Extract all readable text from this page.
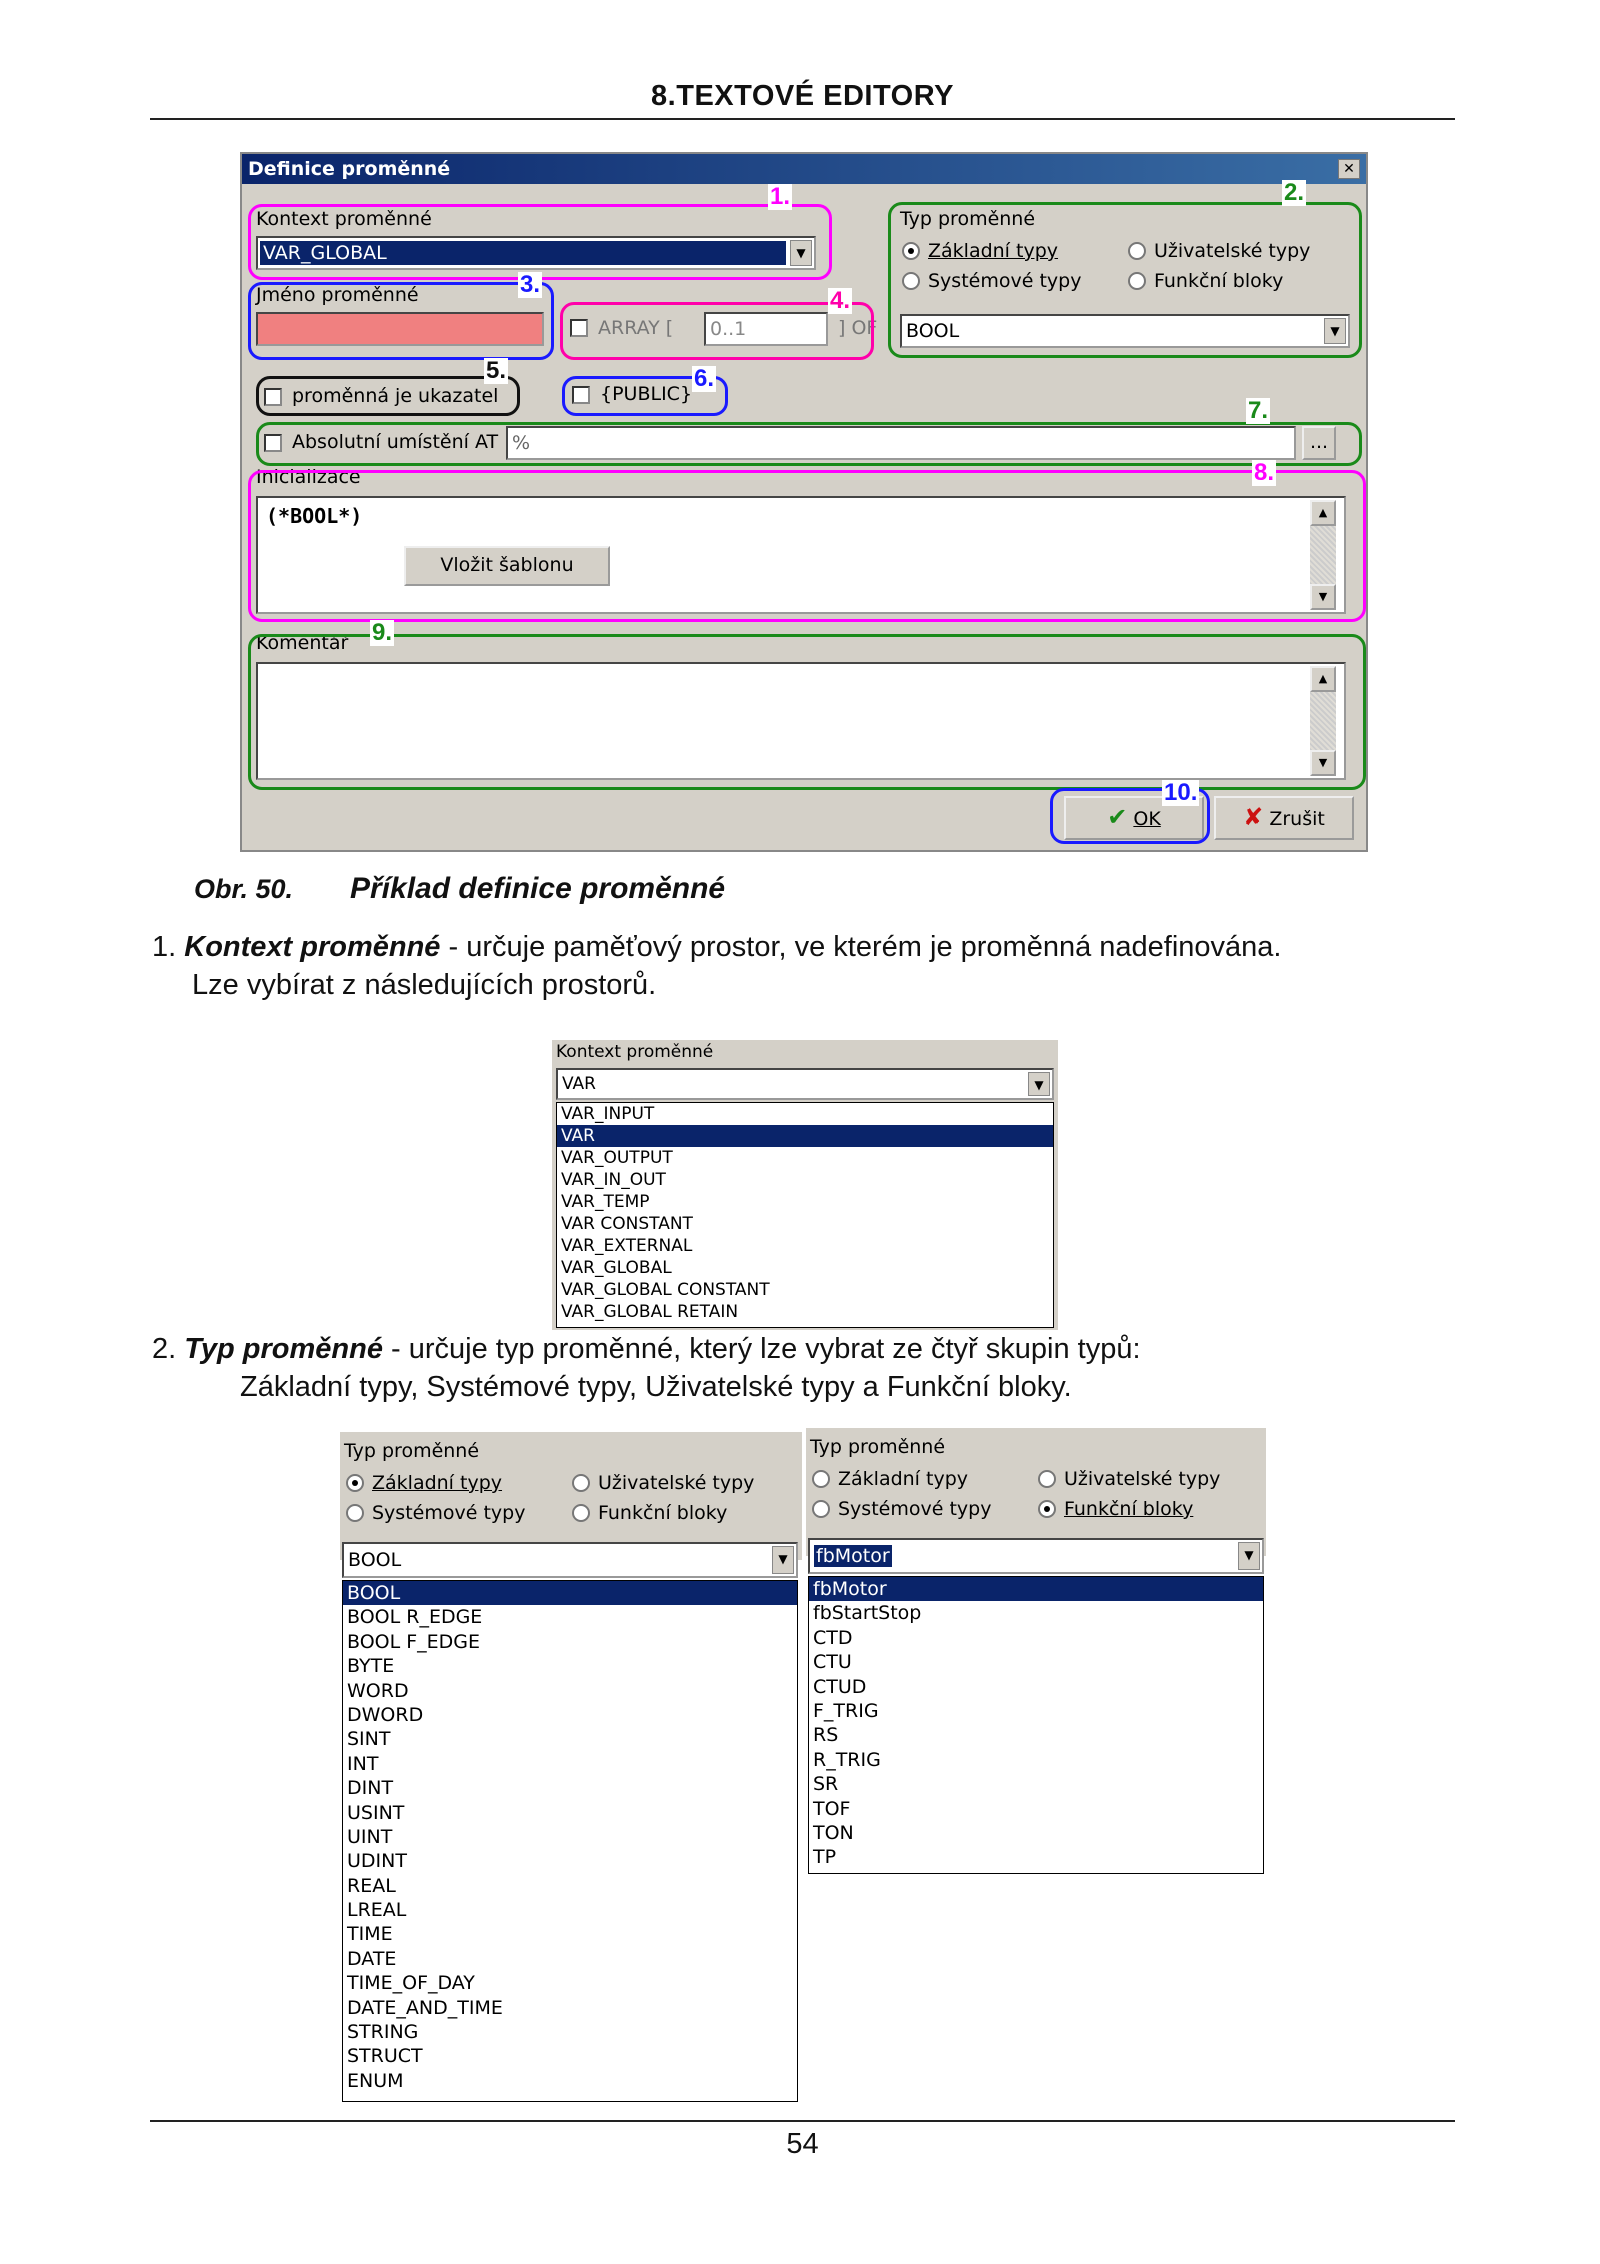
8.TEXTOVÉ EDITORY
Definice proměnné	✕
Kontext proměnné
VAR_GLOBAL	▼
Typ proměnné
Základní typy	Uživatelské typy
Systémové typy	Funkční bloky
BOOL	▼
Jméno proměnné
ARRAY [ 0..1	] OF
proměnná je ukazatel	{PUBLIC}
Absolutní umístění AT %	...
Inicializace
(*BOOL*)
Vložit šablonu
▲
▼
Komentář
▲
▼
✔ OK	✘ Zrušit
1.	2.
3.
4.
5.	6.
7.
8.
9.
10.
Obr. 50. Příklad definice proměnné
1. Kontext proměnné - určuje paměťový prostor, ve kterém je proměnná nadefinována.
Lze vybírat z následujících prostorů.
Kontext proměnné
VAR	▼
VAR_INPUT
VAR
VAR_OUTPUT
VAR_IN_OUT
VAR_TEMP
VAR CONSTANT
VAR_EXTERNAL
VAR_GLOBAL
VAR_GLOBAL CONSTANT
VAR_GLOBAL RETAIN
2. Typ proměnné - určuje typ proměnné, který lze vybrat ze čtyř skupin typů:
Základní typy, Systémové typy, Uživatelské typy a Funkční bloky.
Typ proměnné
Základní typy	Uživatelské typy
Systémové typy	Funkční bloky
BOOL	▼
BOOL
BOOL R_EDGE
BOOL F_EDGE
BYTE
WORD
DWORD
SINT
INT
DINT
USINT
UINT
UDINT
REAL
LREAL
TIME
DATE
TIME_OF_DAY
DATE_AND_TIME
STRING
STRUCT
ENUM
Typ proměnné
Základní typy	Uživatelské typy
Systémové typy	Funkční bloky
fbMotor	▼
fbMotor
fbStartStop
CTD
CTU
CTUD
F_TRIG
RS
R_TRIG
SR
TOF
TON
TP
54
